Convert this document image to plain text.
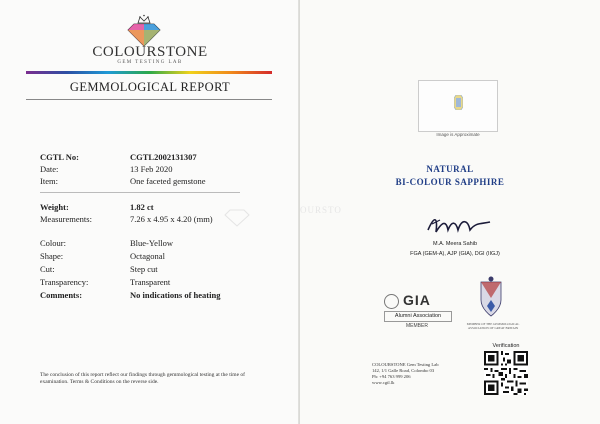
COLOURSTONE
GEM TESTING LAB
GEMMOLOGICAL REPORT
CGTL No:	CGTL2002131307
Date:	13 Feb 2020
Item:	One faceted gemstone
Weight:	1.82 ct
Measurements:	7.26 x 4.95 x 4.20 (mm)
Colour:	Blue-Yellow
Shape:	Octagonal
Cut:	Step cut
Transparency:	Transparent
Comments:	No indications of heating
The conclusion of this report reflect our findings through gemmological testing at the time of examination. Terms & Conditions on the reverse side.
OURSTO
Image is Approximate
NATURAL
BI-COLOUR SAPPHIRE
M.A. Meera Sahib
FGA (GEM-A), AJP (GIA), DGI (IIGJ)
GIA
Alumni Association
MEMBER	MEMBER OF THE GEMMOLOGICAL ASSOCIATION OF GREAT BRITAIN
COLOURSTONE Gem Testing Lab
142, 1/1 Galle Road, Colombo 03
Ph: +94 763 999 206
www.cgtl.lk
Verification
